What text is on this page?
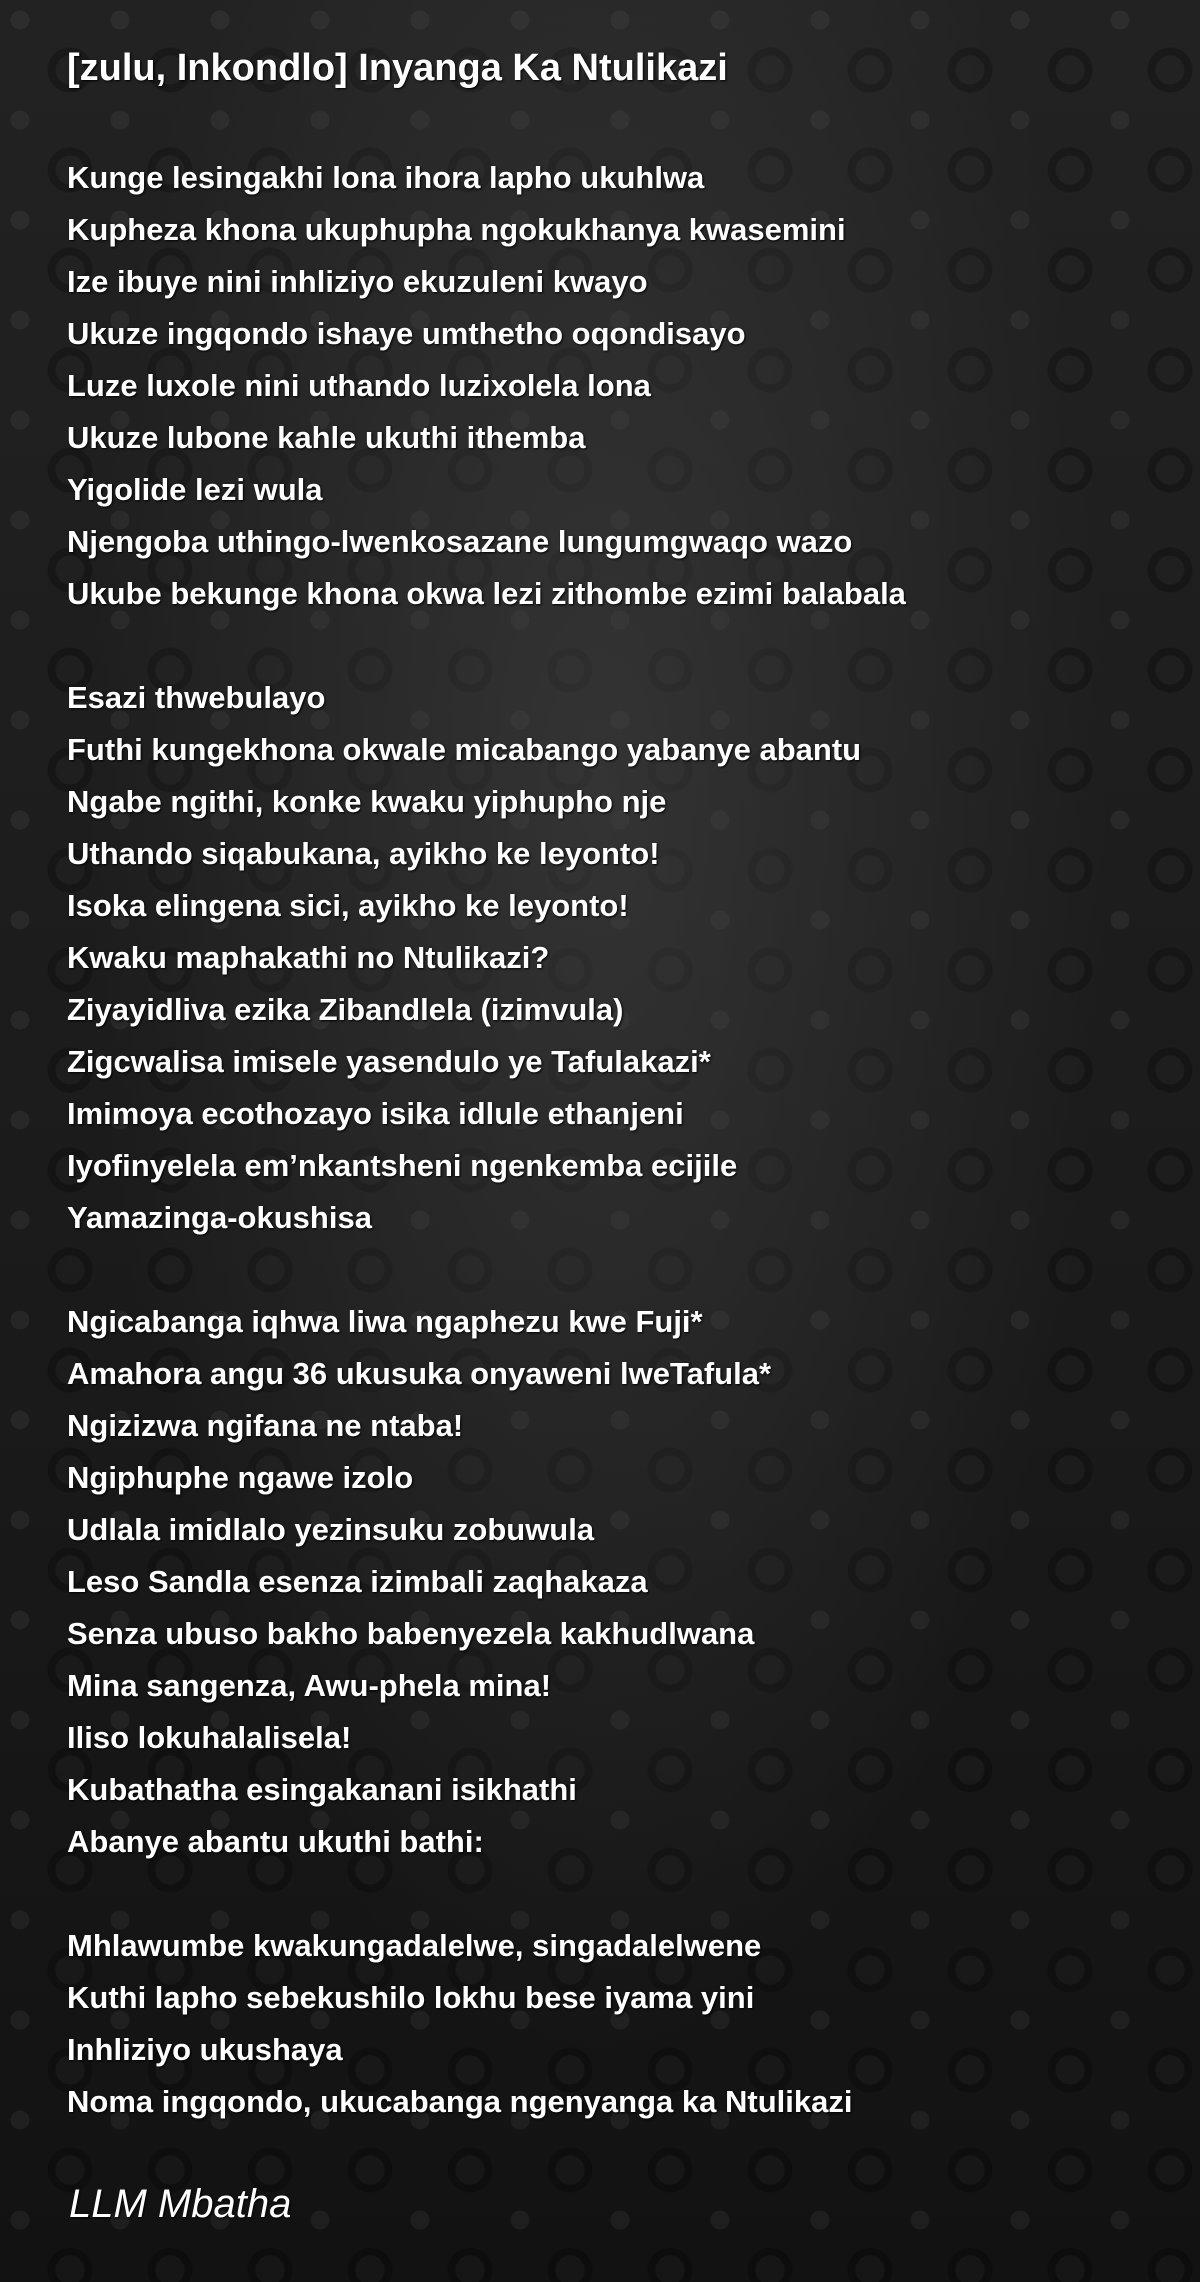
[zulu, Inkondlo] Inyanga Ka Ntulikazi
Kunge lesingakhi lona ihora lapho ukuhlwa
Kupheza khona ukuphupha ngokukhanya kwasemini
Ize ibuye nini inhliziyo ekuzuleni kwayo
Ukuze ingqondo ishaye umthetho oqondisayo
Luze luxole nini uthando luzixolela lona
Ukuze lubone kahle ukuthi ithemba
Yigolide lezi wula
Njengoba uthingo-lwenkosazane lungumgwaqo wazo
Ukube bekunge khona okwa lezi zithombe ezimi balabala
Esazi thwebulayo
Futhi kungekhona okwale micabango yabanye abantu
Ngabe ngithi, konke kwaku yiphupho nje
Uthando siqabukana, ayikho ke leyonto!
Isoka elingena sici, ayikho ke leyonto!
Kwaku maphakathi no Ntulikazi?
Ziyayidliva ezika Zibandlela (izimvula)
Zigcwalisa imisele yasendulo ye Tafulakazi*
Imimoya ecothozayo isika idlule ethanjeni
Iyofinyelela em’nkantsheni ngenkemba ecijile
Yamazinga-okushisa
Ngicabanga iqhwa liwa ngaphezu kwe Fuji*
Amahora angu 36 ukusuka onyaweni lweTafula*
Ngizizwa ngifana ne ntaba!
Ngiphuphe ngawe izolo
Udlala imidlalo yezinsuku zobuwula
Leso Sandla esenza izimbali zaqhakaza
Senza ubuso bakho babenyezela kakhudlwana
Mina sangenza, Awu-phela mina!
Iliso lokuhalalisela!
Kubathatha esingakanani isikhathi
Abanye abantu ukuthi bathi:
Mhlawumbe kwakungadalelwe, singadalelwene
Kuthi lapho sebekushilo lokhu bese iyama yini
Inhliziyo ukushaya
Noma ingqondo, ukucabanga ngenyanga ka Ntulikazi
LLM Mbatha
